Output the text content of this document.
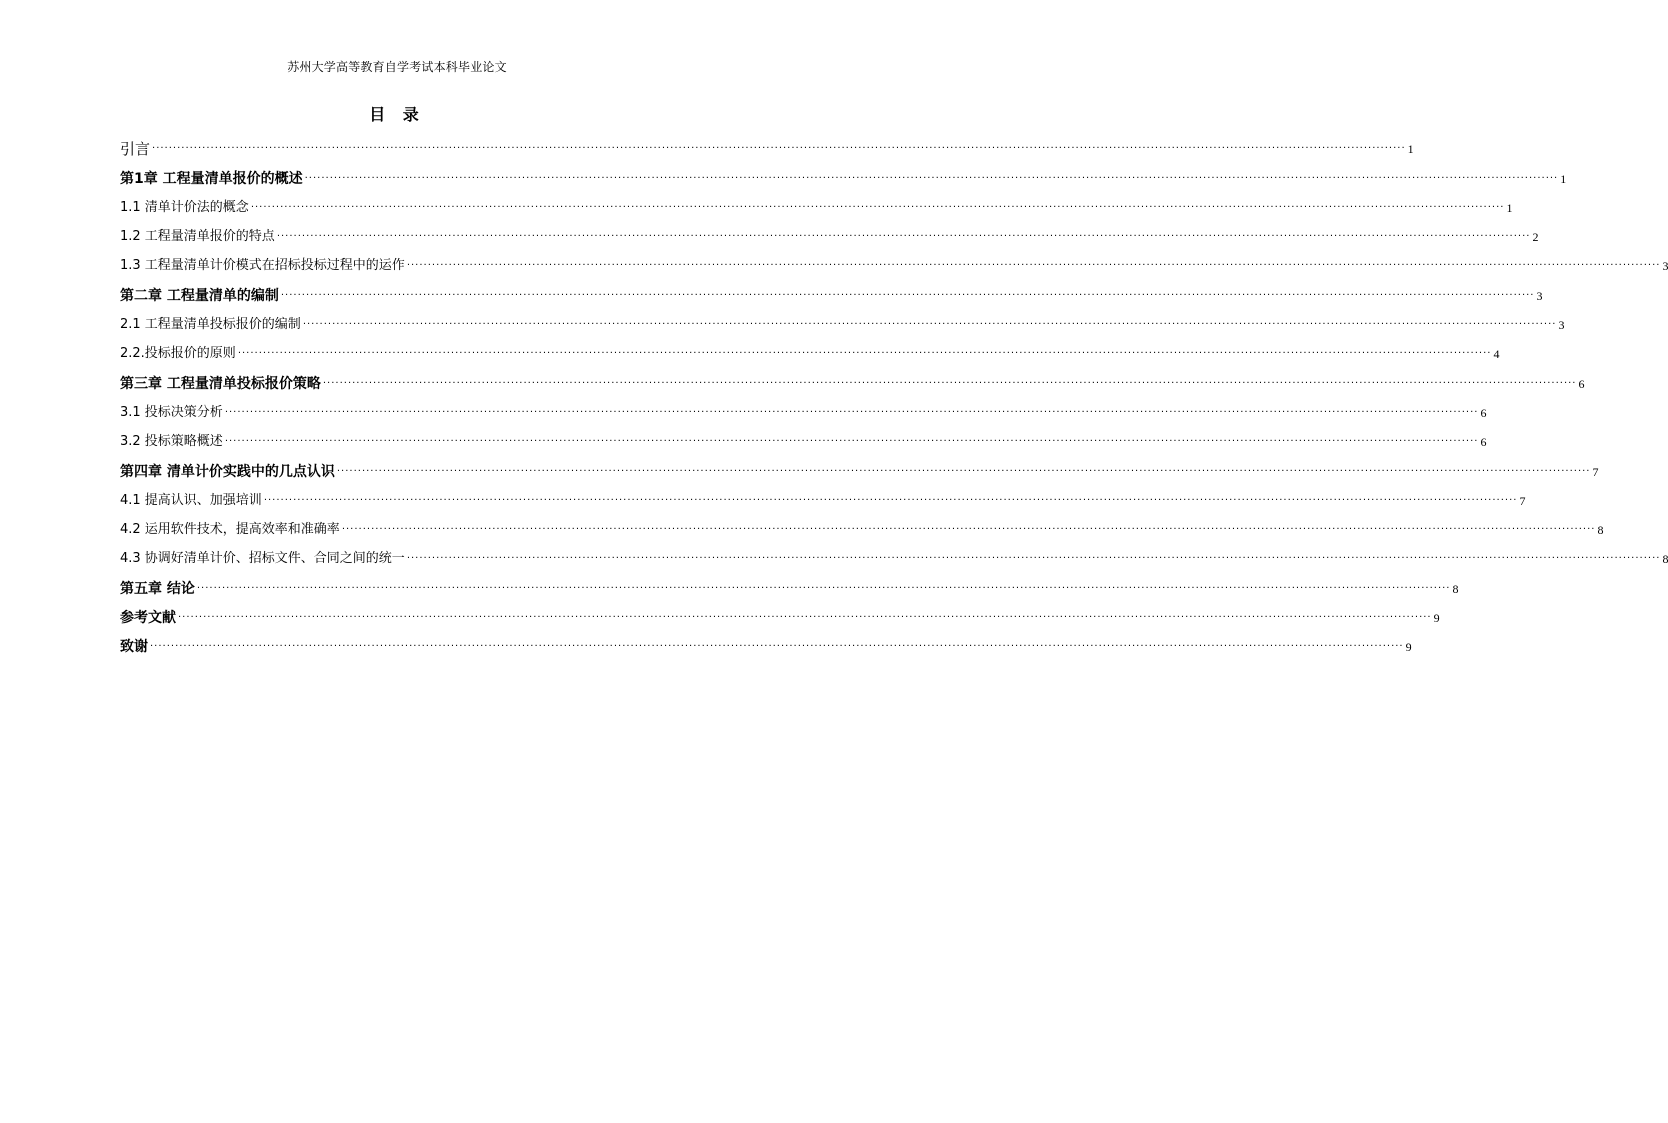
苏州大学高等教育自学考试本科毕业论文
目 录
引言 ............................................................................................................................................................................................................................................................................................................ 1
第1章 工程量清单报价的概述 ............................................................................................................................................................................................................................................................................................................ 1
1.1 清单计价法的概念 ............................................................................................................................................................................................................................................................................................................ 1
1.2 工程量清单报价的特点 ............................................................................................................................................................................................................................................................................................................ 2
1.3 工程量清单计价模式在招标投标过程中的运作 ............................................................................................................................................................................................................................................................................................................ 3
第二章 工程量清单的编制 ............................................................................................................................................................................................................................................................................................................ 3
2.1 工程量清单投标报价的编制 ............................................................................................................................................................................................................................................................................................................ 3
2.2.投标报价的原则 ............................................................................................................................................................................................................................................................................................................ 4
第三章 工程量清单投标报价策略 ............................................................................................................................................................................................................................................................................................................ 6
3.1 投标决策分析 ............................................................................................................................................................................................................................................................................................................ 6
3.2 投标策略概述 ............................................................................................................................................................................................................................................................................................................ 6
第四章 清单计价实践中的几点认识 ............................................................................................................................................................................................................................................................................................................ 7
4.1 提高认识、加强培训 ............................................................................................................................................................................................................................................................................................................ 7
4.2 运用软件技术，提高效率和准确率 ............................................................................................................................................................................................................................................................................................................ 8
4.3 协调好清单计价、招标文件、合同之间的统一 ............................................................................................................................................................................................................................................................................................................ 8
第五章 结论 ............................................................................................................................................................................................................................................................................................................ 8
参考文献 ............................................................................................................................................................................................................................................................................................................ 9
致谢 ............................................................................................................................................................................................................................................................................................................ 9
